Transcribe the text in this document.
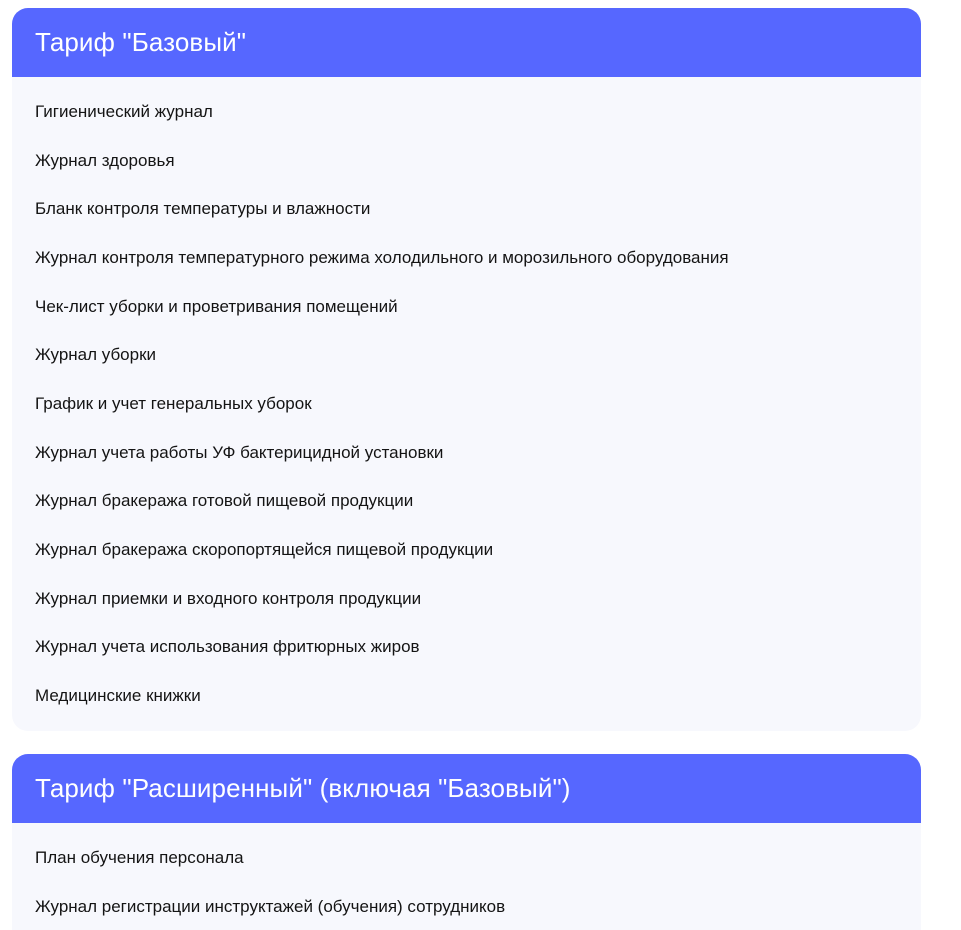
Тариф "Базовый"
Гигиенический журнал
Журнал здоровья
Бланк контроля температуры и влажности
Журнал контроля температурного режима холодильного и морозильного оборудования
Чек-лист уборки и проветривания помещений
Журнал уборки
График и учет генеральных уборок
Журнал учета работы УФ бактерицидной установки
Журнал бракеража готовой пищевой продукции
Журнал бракеража скоропортящейся пищевой продукции
Журнал приемки и входного контроля продукции
Журнал учета использования фритюрных жиров
Медицинские книжки
Тариф "Расширенный" (включая "Базовый")
План обучения персонала
Журнал регистрации инструктажей (обучения) сотрудников
